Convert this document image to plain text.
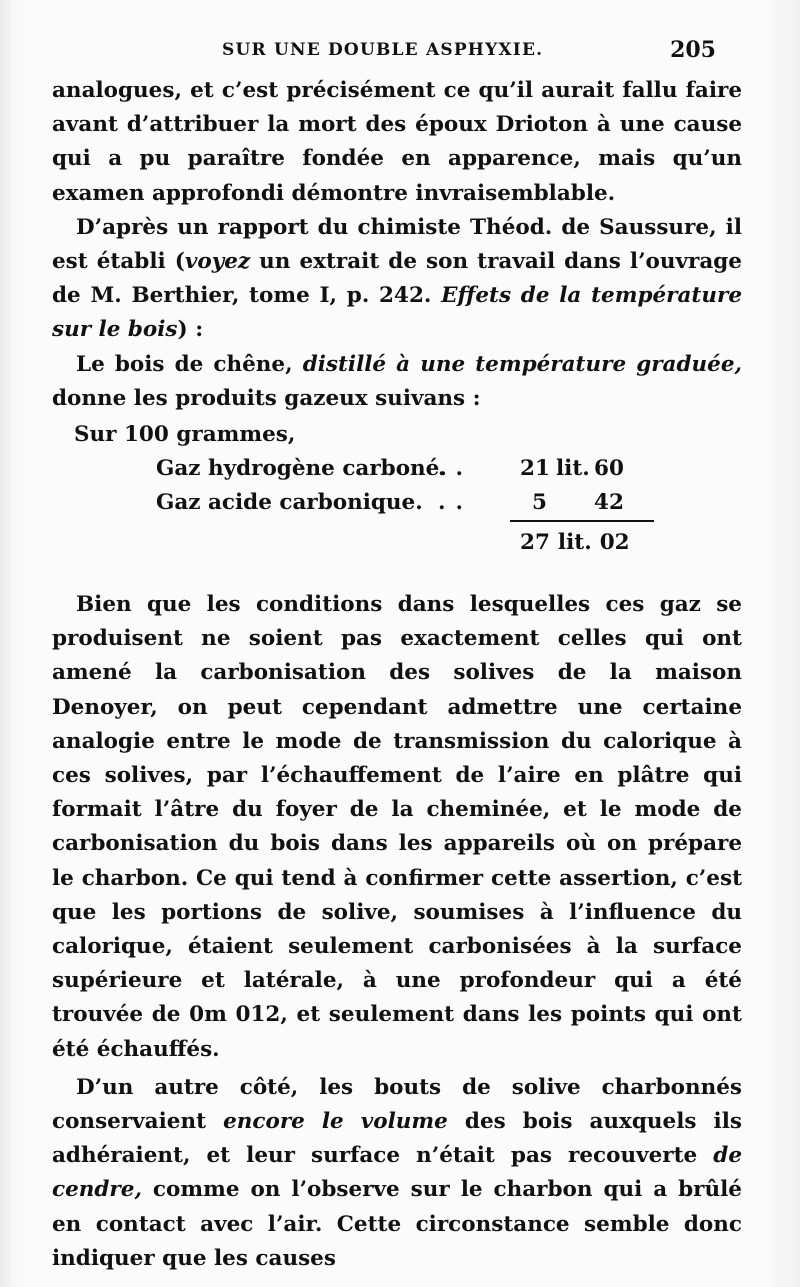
SUR UNE DOUBLE ASPHYXIE.	205

analogues, et c’est précisément ce qu’il aurait fallu faire avant d’attribuer la mort des époux Drioton à une cause qui a pu paraître fondée en apparence, mais qu’un examen approfondi démontre invraisemblable.

D’après un rapport du chimiste Théod. de Saussure, il est établi (voyez un extrait de son travail dans l’ouvrage de M. Berthier, tome I, p. 242. Effets de la température sur le bois) :

Le bois de chêne, distillé à une température graduée, donne les produits gazeux suivans :

Sur 100 grammes,
Gaz hydrogène carboné.
.. 21 lit. 60
Gaz acide carbonique. ..	5 42
27 lit. 02

Bien que les conditions dans lesquelles ces gaz se produisent ne soient pas exactement celles qui ont amené la carbonisation des solives de la maison Denoyer, on peut cependant admettre une certaine analogie entre le mode de transmission du calorique à ces solives, par l’échauffement de l’aire en plâtre qui formait l’âtre du foyer de la cheminée, et le mode de carbonisation du bois dans les appareils où on prépare le charbon. Ce qui tend à confirmer cette assertion, c’est que les portions de solive, soumises à l’influence du calorique, étaient seulement carbonisées à la surface supérieure et latérale, à une profondeur qui a été trouvée de 0m 012, et seulement dans les points qui ont été échauffés.

D’un autre côté, les bouts de solive charbonnés conservaient encore le volume des bois auxquels ils adhéraient, et leur surface n’était pas recouverte de cendre, comme on l’observe sur le charbon qui a brûlé en contact avec l’air. Cette circonstance semble donc indiquer que les causes
